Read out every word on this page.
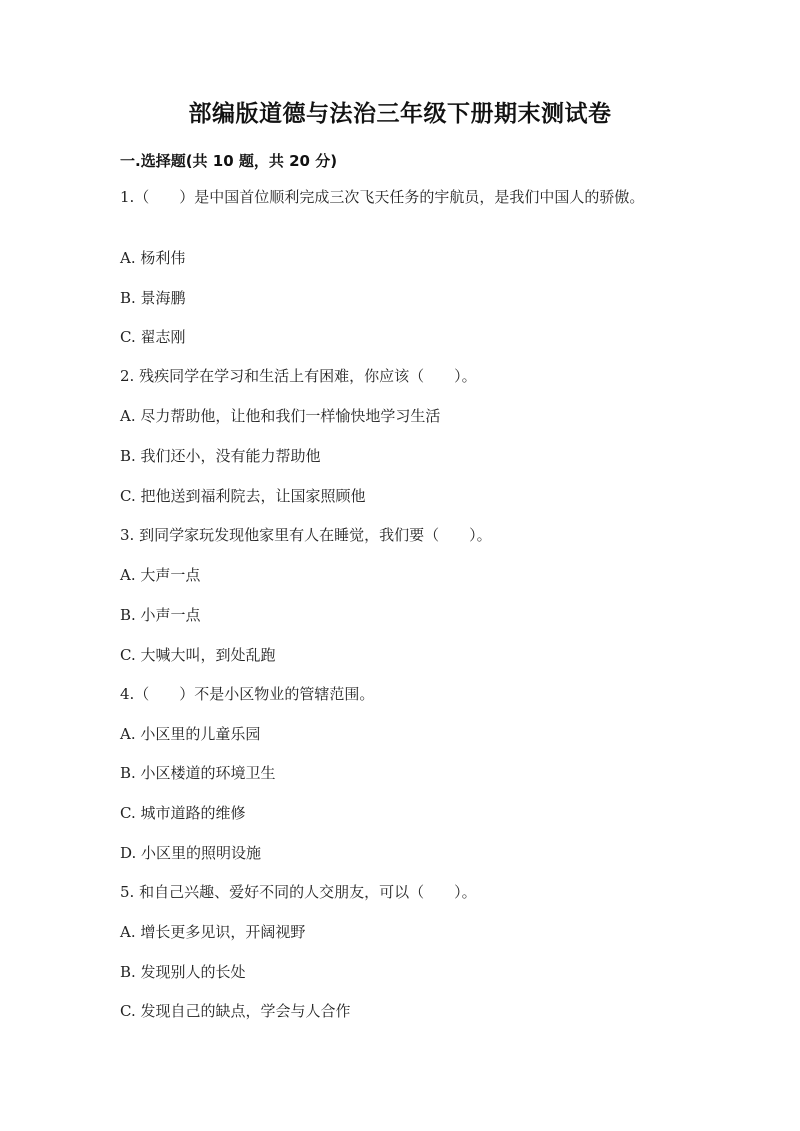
部编版道德与法治三年级下册期末测试卷
一.选择题(共 10 题，共 20 分)
1.（　　）是中国首位顺利完成三次飞天任务的宇航员，是我们中国人的骄傲。
A. 杨利伟
B. 景海鹏
C. 翟志刚
2. 残疾同学在学习和生活上有困难，你应该（　　）。
A. 尽力帮助他，让他和我们一样愉快地学习生活
B. 我们还小，没有能力帮助他
C. 把他送到福利院去，让国家照顾他
3. 到同学家玩发现他家里有人在睡觉，我们要（　　）。
A. 大声一点
B. 小声一点
C. 大喊大叫，到处乱跑
4.（　　）不是小区物业的管辖范围。
A. 小区里的儿童乐园
B. 小区楼道的环境卫生
C. 城市道路的维修
D. 小区里的照明设施
5. 和自己兴趣、爱好不同的人交朋友，可以（　　）。
A. 增长更多见识，开阔视野
B. 发现别人的长处
C. 发现自己的缺点，学会与人合作
